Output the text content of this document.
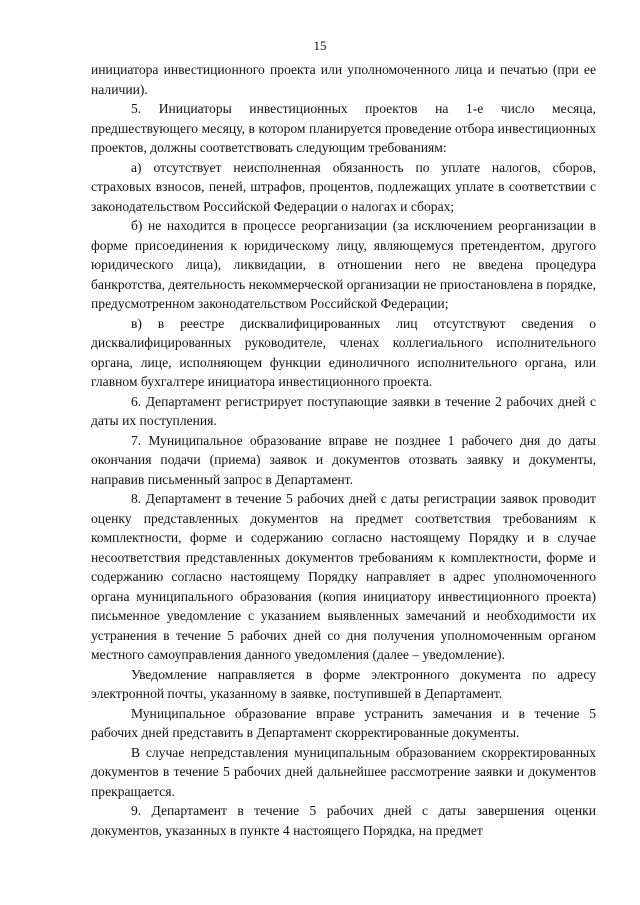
15

инициатора инвестиционного проекта или уполномоченного лица и печатью (при ее наличии).

5. Инициаторы инвестиционных проектов на 1-е число месяца, предшествующего месяцу, в котором планируется проведение отбора инвестиционных проектов, должны соответствовать следующим требованиям:

а) отсутствует неисполненная обязанность по уплате налогов, сборов, страховых взносов, пеней, штрафов, процентов, подлежащих уплате в соответствии с законодательством Российской Федерации о налогах и сборах;

б) не находится в процессе реорганизации (за исключением реорганизации в форме присоединения к юридическому лицу, являющемуся претендентом, другого юридического лица), ликвидации, в отношении него не введена процедура банкротства, деятельность некоммерческой организации не приостановлена в порядке, предусмотренном законодательством Российской Федерации;

в) в реестре дисквалифицированных лиц отсутствуют сведения о дисквалифицированных руководителе, членах коллегиального исполнительного органа, лице, исполняющем функции единоличного исполнительного органа, или главном бухгалтере инициатора инвестиционного проекта.

6. Департамент регистрирует поступающие заявки в течение 2 рабочих дней с даты их поступления.

7. Муниципальное образование вправе не позднее 1 рабочего дня до даты окончания подачи (приема) заявок и документов отозвать заявку и документы, направив письменный запрос в Департамент.

8. Департамент в течение 5 рабочих дней с даты регистрации заявок проводит оценку представленных документов на предмет соответствия требованиям к комплектности, форме и содержанию согласно настоящему Порядку и в случае несоответствия представленных документов требованиям к комплектности, форме и содержанию согласно настоящему Порядку направляет в адрес уполномоченного органа муниципального образования (копия инициатору инвестиционного проекта) письменное уведомление с указанием выявленных замечаний и необходимости их устранения в течение 5 рабочих дней со дня получения уполномоченным органом местного самоуправления данного уведомления (далее – уведомление).

Уведомление направляется в форме электронного документа по адресу электронной почты, указанному в заявке, поступившей в Департамент.

Муниципальное образование вправе устранить замечания и в течение 5 рабочих дней представить в Департамент скорректированные документы.

В случае непредставления муниципальным образованием скорректированных документов в течение 5 рабочих дней дальнейшее рассмотрение заявки и документов прекращается.

9. Департамент в течение 5 рабочих дней с даты завершения оценки документов, указанных в пункте 4 настоящего Порядка, на предмет
